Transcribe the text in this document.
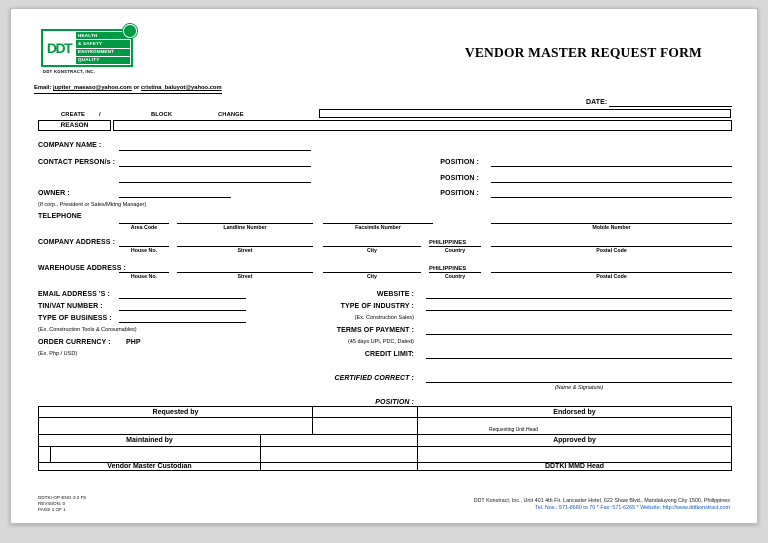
DDT
HEALTH
& SAFETY
ENVIRONMENT
QUALITY
DDT KONSTRACT, INC.
VENDOR MASTER REQUEST FORM
Email: jupiter_maeaso@yahoo.com or cristina_baluyot@yahoo.com
DATE:
CREATE /	BLOCK	CHANGE
REASON
COMPANY NAME :
CONTACT PERSON/s :	POSITION :
POSITION :
OWNER :	POSITION :
(If corp., President or Sales/Mktng Manager)
TELEPHONE
Area Code	Landline Number	Facsimile Number	Mobile Number
COMPANY ADDRESS :	PHILIPPINES
House No.	Street	City	Country	Postal Code
WAREHOUSE ADDRESS :	PHILIPPINES
House No.	Street	City	Country	Postal Code
EMAIL ADDRESS 'S :	WEBSITE :
TIN/VAT NUMBER :	TYPE OF INDUSTRY :
TYPE OF BUSINESS :	(Ex. Construction Sales)
(Ex. Construction Tools & Consumables)	TERMS OF PAYMENT :
ORDER CURRENCY : PHP	(45 days UPI, PDC, Dated)
(Ex. Php / USD)	CREDIT LIMIT:
CERTIFIED CORRECT :
(Name & Signature)
POSITION :
Requested by	Endorsed by
Requesting Unit Head
Maintained by	Approved by
Vendor Master Custodian	DDTKI MMD Head
DDTKI-OP-ENG-3.2 F5
REVISION: 0
PAGE 1 OF 1
DDT Konstract, Inc., Unit 401 4th Flr. Lancaster Hotel, 622 Shaw Blvd., Mandaluyong City 1500, Philippines
Tel. Nos.: 571-8660 to 70 * Fax: 571-6265 * Website: http://www.ddtkonstract.com
